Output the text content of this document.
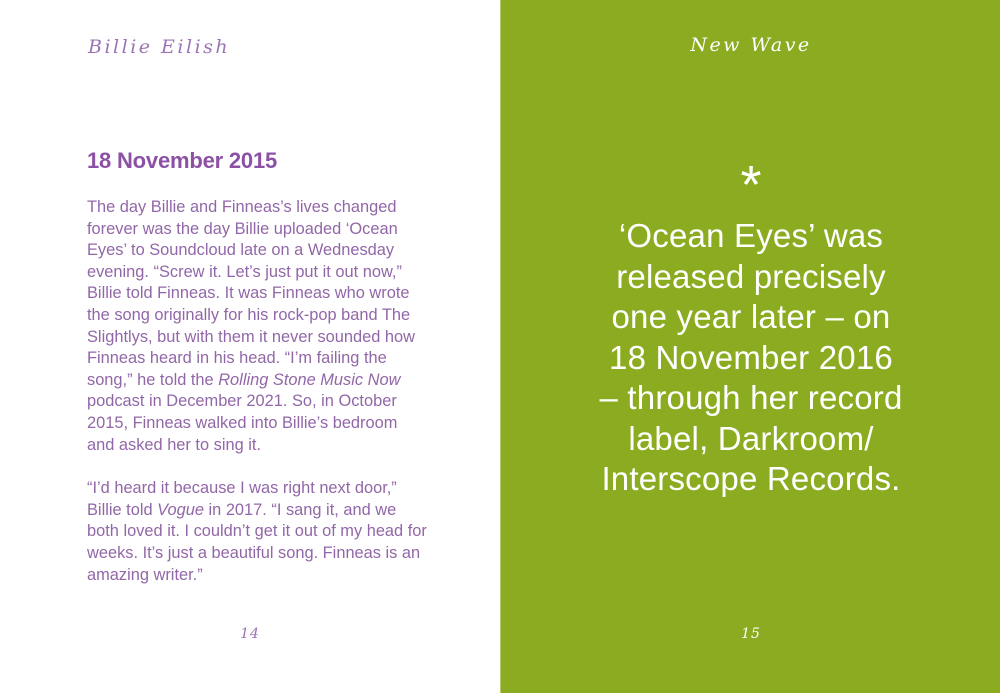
Billie Eilish
18 November 2015

The day Billie and Finneas’s lives changed forever was the day Billie uploaded ‘Ocean Eyes’ to Soundcloud late on a Wednesday evening. “Screw it. Let’s just put it out now,” Billie told Finneas. It was Finneas who wrote the song originally for his rock-pop band The Slightlys, but with them it never sounded how Finneas heard in his head. “I’m failing the song,” he told the Rolling Stone Music Now podcast in December 2021. So, in October 2015, Finneas walked into Billie’s bedroom and asked her to sing it.

“I’d heard it because I was right next door,” Billie told Vogue in 2017. “I sang it, and we both loved it. I couldn’t get it out of my head for weeks. It’s just a beautiful song. Finneas is an amazing writer.”

14
New Wave
*
‘Ocean Eyes’ was
released precisely
one year later – on
18 November 2016
– through her record
label, Darkroom/
Interscope Records.
15
